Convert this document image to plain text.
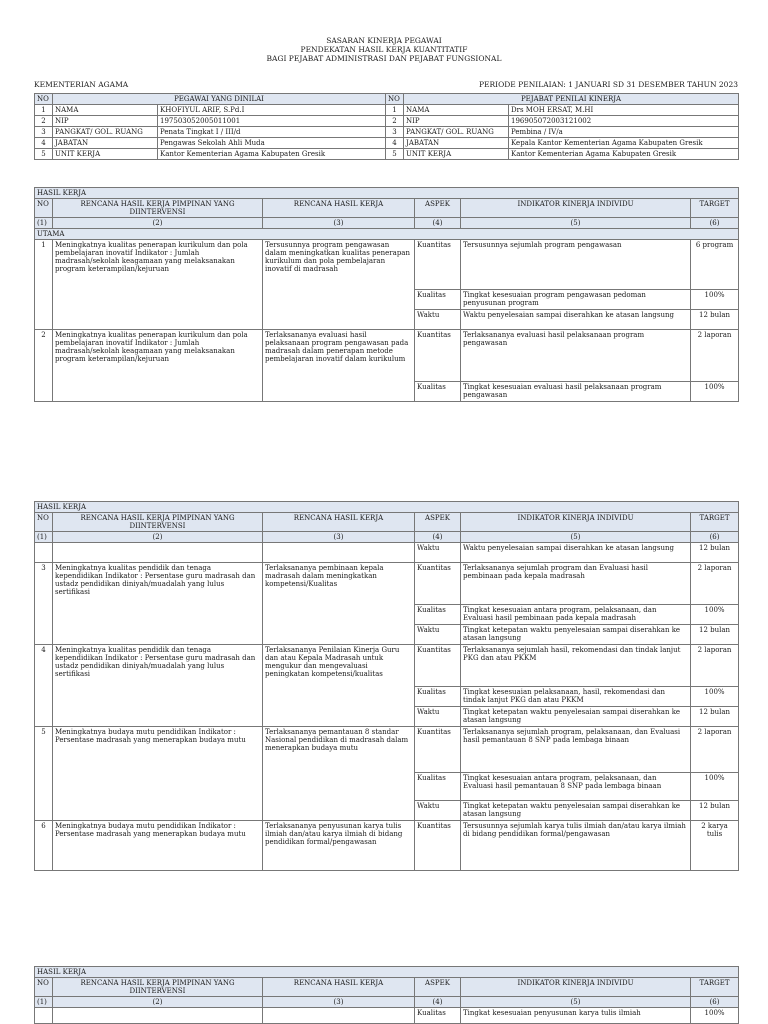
SASARAN KINERJA PEGAWAI
PENDEKATAN HASIL KERJA KUANTITATIF
BAGI PEJABAT ADMINISTRASI DAN PEJABAT FUNGSIONAL
KEMENTERIAN AGAMA	PERIODE PENILAIAN: 1 JANUARI SD 31 DESEMBER TAHUN 2023
NO	PEGAWAI YANG DINILAI		NO	PEJABAT PENILAI KINERJA	
1	NAMA	KHOFIYUL ARIF, S.Pd.I	1	NAMA	Drs MOH ERSAT, M.HI
2	NIP	197503052005011001	2	NIP	196905072003121002
3	PANGKAT/ GOL. RUANG	Penata Tingkat I / III/d	3	PANGKAT/ GOL. RUANG	Pembina / IV/a
4	JABATAN	Pengawas Sekolah Ahli Muda	4	JABATAN	Kepala Kantor Kementerian Agama Kabupaten Gresik
5	UNIT KERJA	Kantor Kementerian Agama Kabupaten Gresik	5	UNIT KERJA	Kantor Kementerian Agama Kabupaten Gresik
HASIL KERJA					
NO	RENCANA HASIL KERJA PIMPINAN YANG DIINTERVENSI	RENCANA HASIL KERJA	ASPEK	INDIKATOR KINERJA INDIVIDU	TARGET
(1)	(2)	(3)	(4)	(5)	(6)
UTAMA					
1	Meningkatnya kualitas penerapan kurikulum dan pola pembelajaran inovatif Indikator : Jumlah madrasah/sekolah keagamaan yang melaksanakan program keterampilan/kejuruan	Tersusunnya program pengawasan dalam meningkatkan kualitas penerapan kurikulum dan pola pembelajaran inovatif di madrasah	Kuantitas	Tersusunnya sejumlah program pengawasan	6 program
			Kualitas	Tingkat kesesuaian program pengawasan pedoman penyusunan program	100%
			Waktu	Waktu penyelesaian sampai diserahkan ke atasan langsung	12 bulan
2	Meningkatnya kualitas penerapan kurikulum dan pola pembelajaran inovatif Indikator : Jumlah madrasah/sekolah keagamaan yang melaksanakan program keterampilan/kejuruan	Terlaksananya evaluasi hasil pelaksanaan program pengawasan pada madrasah dalam penerapan metode pembelajaran inovatif dalam kurikulum	Kuantitas	Terlaksananya evaluasi hasil pelaksanaan program pengawasan	2 laporan
			Kualitas	Tingkat kesesuaian evaluasi hasil pelaksanaan program pengawasan	100%
HASIL KERJA					
NO	RENCANA HASIL KERJA PIMPINAN YANG DIINTERVENSI	RENCANA HASIL KERJA	ASPEK	INDIKATOR KINERJA INDIVIDU	TARGET
(1)	(2)	(3)	(4)	(5)	(6)
			Waktu	Waktu penyelesaian sampai diserahkan ke atasan langsung	12 bulan
3	Meningkatnya kualitas pendidik dan tenaga kependidikan Indikator : Persentase guru madrasah dan ustadz pendidikan diniyah/muadalah yang lulus sertifikasi	Terlaksananya pembinaan kepala madrasah dalam meningkatkan kompetensi/Kualitas	Kuantitas	Terlaksananya sejumlah program dan Evaluasi hasil pembinaan pada kepala madrasah	2 laporan
			Kualitas	Tingkat kesesuaian antara program, pelaksanaan, dan Evaluasi hasil pembinaan pada kepala madrasah	100%
			Waktu	Tingkat ketepatan waktu penyelesaian sampai diserahkan ke atasan langsung	12 bulan
4	Meningkatnya kualitas pendidik dan tenaga kependidikan Indikator : Persentase guru madrasah dan ustadz pendidikan diniyah/muadalah yang lulus sertifikasi	Terlaksananya Penilaian Kinerja Guru dan atau Kepala Madrasah untuk mengukur dan mengevaluasi peningkatan kompetensi/kualitas	Kuantitas	Terlaksananya sejumlah hasil, rekomendasi dan tindak lanjut PKG dan atau PKKM	2 laporan
			Kualitas	Tingkat kesesuaian pelaksanaan, hasil, rekomendasi dan tindak lanjut PKG dan atau PKKM	100%
			Waktu	Tingkat ketepatan waktu penyelesaian sampai diserahkan ke atasan langsung	12 bulan
5	Meningkatnya budaya mutu pendidikan Indikator : Persentase madrasah yang menerapkan budaya mutu	Terlaksananya pemantauan 8 standar Nasional pendidikan di madrasah dalam menerapkan budaya mutu	Kuantitas	Terlaksananya sejumlah program, pelaksanaan, dan Evaluasi hasil pemantauan 8 SNP pada lembaga binaan	2 laporan
			Kualitas	Tingkat kesesuaian antara program, pelaksanaan, dan Evaluasi hasil pemantauan 8 SNP pada lembaga binaan	100%
			Waktu	Tingkat ketepatan waktu penyelesaian sampai diserahkan ke atasan langsung	12 bulan
6	Meningkatnya budaya mutu pendidikan Indikator : Persentase madrasah yang menerapkan budaya mutu	Terlaksananya penyusunan karya tulis ilmiah dan/atau karya ilmiah di bidang pendidikan formal/pengawasan	Kuantitas	Tersusunnya sejumlah karya tulis ilmiah dan/atau karya ilmiah di bidang pendidikan formal/pengawasan	2 karya tulis
HASIL KERJA					
NO	RENCANA HASIL KERJA PIMPINAN YANG DIINTERVENSI	RENCANA HASIL KERJA	ASPEK	INDIKATOR KINERJA INDIVIDU	TARGET
(1)	(2)	(3)	(4)	(5)	(6)
			Kualitas	Tingkat kesesuaian penyusunan karya tulis ilmiah	100%
